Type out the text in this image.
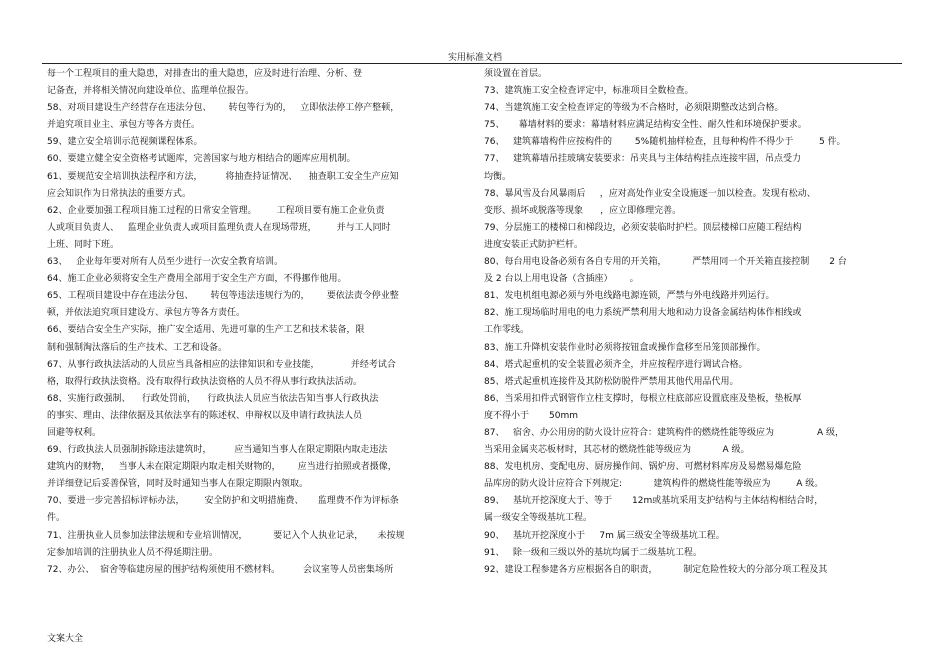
实用标准文档

每一个工程项目的重大隐患，对排查出的重大隐患，应及时进行治理、分析、登

记备查，并将相关情况向建设单位、监理单位报告。

58、对项目建设生产经营存在违法分包、      转包等行为的，   立即依法停工停产整顿，

并追究项目业主、承包方等各方责任。

59、建立安全培训示范视频课程体系。

60、要建立健全安全资格考试题库，完善国家与地方相结合的题库应用机制。

61、要规范安全培训执法程序和方法，        将抽查持证情况、    抽查职工安全生产应知

应会知识作为日常执法的重要方式。

62、企业要加强工程项目施工过程的日常安全管理。       工程项目要有施工企业负责

人或项目负责人、   监理企业负责人或项目监理负责人在现场带班，       并与工人同时

上班、同时下班。

63、   企业每年要对所有人员至少进行一次安全教育培训。

64、施工企业必须将安全生产费用全部用于安全生产方面，不得挪作他用。

65、工程项目建设中存在违法分包、      转包等违法违规行为的，      要依法责令停业整

顿，并依法追究项目建设方、承包方等各方责任。

66、要结合安全生产实际，推广安全适用、先进可靠的生产工艺和技术装备，限

制和强制淘汰落后的生产技术、工艺和设备。

67、从事行政执法活动的人员应当具备相应的法律知识和专业技能，           并经考试合

格，取得行政执法资格。没有取得行政执法资格的人员不得从事行政执法活动。

68、实施行政强制、    行政处罚前，    行政执法人员应当依法告知当事人行政执法

的事实、理由、法律依据及其依法享有的陈述权、申辩权以及申请行政执法人员

回避等权利。

69、行政执法人员强制拆除违法建筑时，        应当通知当事人在限定期限内取走违法

建筑内的财物，   当事人未在限定期限内取走相关财物的，      应当进行拍照或者摄像，

并详细登记后妥善保管，同时及时通知当事人在限定期限内领取。

70、要进一步完善招标评标办法，       安全防护和文明措施费、     监理费不作为评标条

件。

71、注册执业人员参加法律法规和专业培训情况，         要记入个人执业记录，     未按规

定参加培训的注册执业人员不得延期注册。

72、办公、  宿舍等临建房屋的围护结构须使用不燃材料。        会议室等人员密集场所

须设置在首层。

73、建筑施工安全检查评定中，标准项目全数检查。

74、当建筑施工安全检查评定的等级为不合格时，必须限期整改达到合格。

75、     幕墙材料的要求：幕墙材料应满足结构安全性、耐久性和环境保护要求。

76、   建筑幕墙构件应按构件的        5%随机抽样检查，且每种构件不得少于         5 件。

77、   建筑幕墙吊挂玻璃安装要求：吊夹具与主体结构挂点连接牢固，吊点受力

均衡。

78、暴风雪及台风暴雨后     ，应对高处作业安全设施逐一加以检查。发现有松动、

变形、损坏或脱落等现象      ，应立即修理完善。

79、分层施工的楼梯口和梯段边，必须安装临时护栏。顶层楼梯口应随工程结构

进度安装正式防护栏杆。

80、每台用电设备必须有各自专用的开关箱，         严禁用同一个开关箱直接控制       2 台

及 2 台以上用电设备（含插座）      。

81、发电机组电源必须与外电线路电源连锁，严禁与外电线路并列运行。

82、施工现场临时用电的电力系统严禁利用大地和动力设备金属结构体作相线或

工作零线。

83、施工升降机安装作业时必须将按钮盒或操作盒移至吊笼顶部操作。

84、塔式起重机的安全装置必须齐全，并应按程序进行调试合格。

85、塔式起重机连接件及其防松防脱件严禁用其他代用品代用。

86、当采用扣件式钢管作立柱支撑时，每根立柱底部应设置底座及垫板，垫板厚

度不得小于       50mm

87、   宿舍、办公用房的防火设计应符合：建筑构件的燃烧性能等级应为               A 级，

当采用金属夹芯板材时，其芯材的燃烧性能等级应为           A 级。

88、发电机房、变配电房、厨房操作间、锅炉房、可燃材料库房及易燃易爆危险

品库房的防火设计应符合下列规定:           建筑构件的燃烧性能等级应为         A 级。

89、   基坑开挖深度大于、等于       12m或基坑采用支护结构与主体结构相结合时，

属一级安全等级基坑工程。

90、   基坑开挖深度小于     7m 属三级安全等级基坑工程。

91、   除一级和三级以外的基坑均属于二级基坑工程。

92、建设工程参建各方应根据各自的职责，         制定危险性较大的分部分项工程及其

文案大全
